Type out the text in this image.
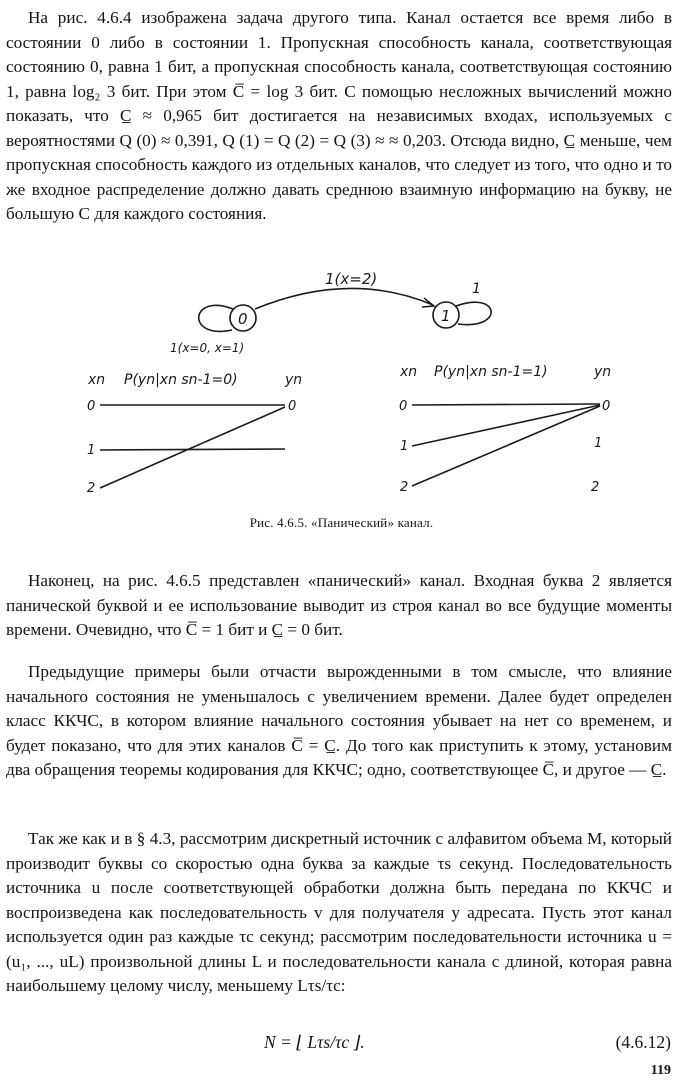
На рис. 4.6.4 изображена задача другого типа. Канал остается все время либо в состоянии 0 либо в состоянии 1. Пропускная способность канала, соответствующая состоянию 0, равна 1 бит, а пропускная способность канала, соответствующая состоянию 1, равна log₂ 3 бит. При этом C̅ = log 3 бит. С помощью несложных вычислений можно показать, что C̲ ≈ 0,965 бит достигается на независимых входах, используемых с вероятностями Q (0) ≈ 0,391, Q (1) = Q (2) = Q (3) ≈ ≈ 0,203. Отсюда видно, C̲ меньше, чем пропускная способность каждого из отдельных каналов, что следует из того, что одно и то же входное распределение должно давать среднюю взаимную информацию на букву, не большую C для каждого состояния.

0	1
1(x=2)
1
1(x=0, x=1)
xn P(yn|xn sn-1=0)	yn
0
1
2
0
xn P(yn|xn sn-1=1)	yn
0
1
2
0
1
2
Рис. 4.6.5. «Панический» канал.

Наконец, на рис. 4.6.5 представлен «панический» канал. Входная буква 2 является панической буквой и ее использование выводит из строя канал во все будущие моменты времени. Очевидно, что C̅ = 1 бит и C̲ = 0 бит.

Предыдущие примеры были отчасти вырожденными в том смысле, что влияние начального состояния не уменьшалось с увеличением времени. Далее будет определен класс ККЧС, в котором влияние начального состояния убывает на нет со временем, и будет показано, что для этих каналов C̅ = C̲. До того как приступить к этому, установим два обращения теоремы кодирования для ККЧС; одно, соответствующее C̅, и другое — C̲.

Так же как и в § 4.3, рассмотрим дискретный источник с алфавитом объема M, который производит буквы со скоростью одна буква за каждые τs секунд. Последовательность источника u после соответствующей обработки должна быть передана по ККЧС и воспроизведена как последовательность v для получателя у адресата. Пусть этот канал используется один раз каждые τc секунд; рассмотрим последовательности источника u = (u₁, ..., uL) произвольной длины L и последовательности канала с длиной, которая равна наибольшему целому числу, меньшему Lτs/τc:

N = ⌊ Lτs/τc ⌋.	(4.6.12)
119
